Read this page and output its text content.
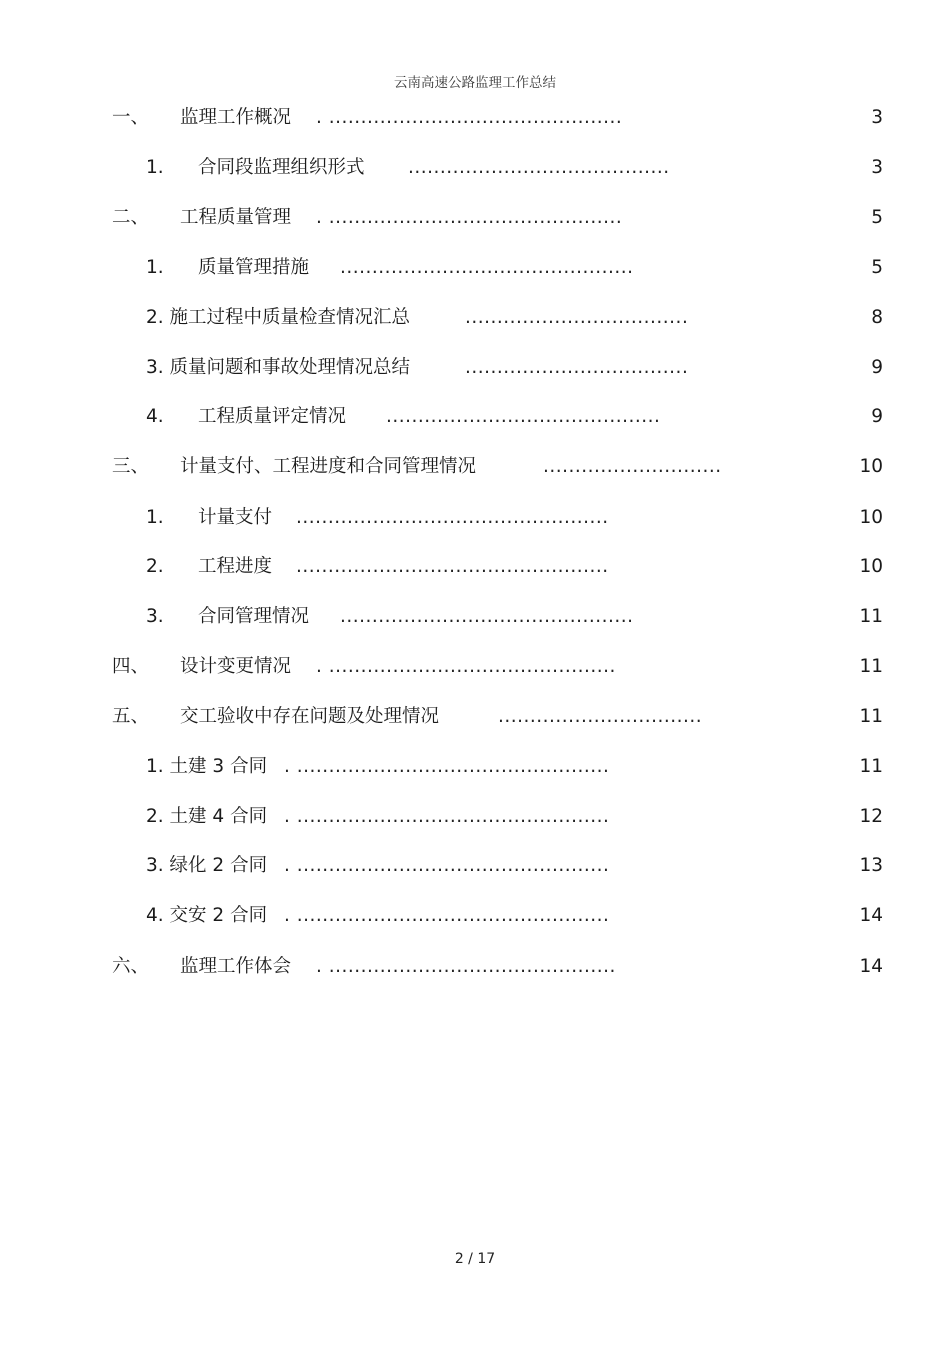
云南高速公路监理工作总结
一、 监理工作概况 . ..............................................	3
1. 合同段监理组织形式 .........................................	3
二、 工程质量管理 . ..............................................	5
1. 质量管理措施 ..............................................	5
2. 施工过程中质量检查情况汇总	...................................	8
3. 质量问题和事故处理情况总结	...................................	9
4. 工程质量评定情况 ...........................................	9
三、 计量支付、工程进度和合同管理情况	............................	10
1. 计量支付 .................................................	10
2. 工程进度 .................................................	10
3. 合同管理情况 ..............................................	11
四、 设计变更情况 . .............................................	11
五、 交工验收中存在问题及处理情况	................................	11
1. 土建 3 合同 . .................................................	11
2. 土建 4 合同 . .................................................	12
3. 绿化 2 合同 . .................................................	13
4. 交安 2 合同 . .................................................	14
六、 监理工作体会 . .............................................	14
2 / 17
